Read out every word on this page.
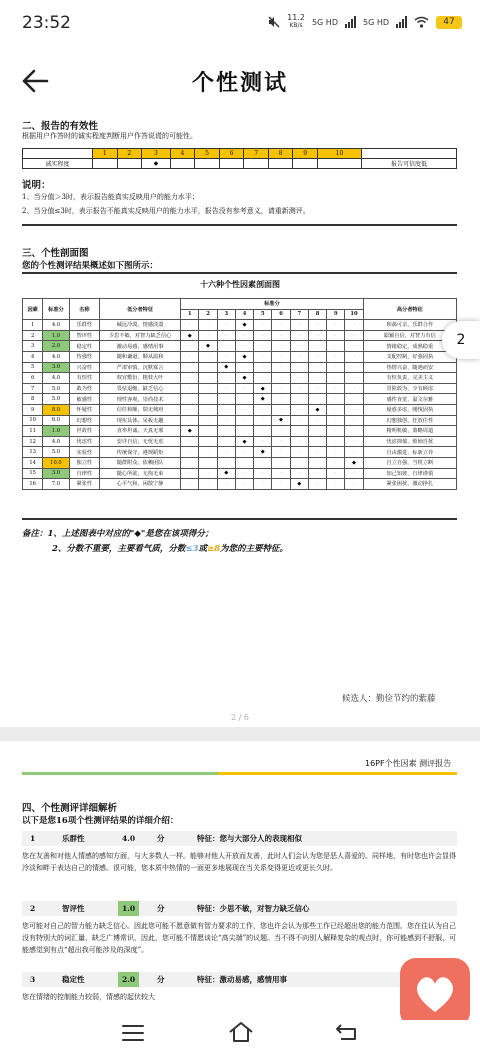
23:52	11.2
KB/s 5G HD	5G HD	47
个性测试
二、报告的有效性
根据用户作答时的诚实程度判断用户作答说谎的可能性。
	1	2	3	4	5	6	7	8	9	10	
诚实程度			◆								报告可信度低
说明：
1、当分值＞3时，表示报告能真实反映用户的能力水平；
2、当分值≤3时，表示报告不能真实反映用户的能力水平，报告没有参考意义，请重新测评。
三、个性剖面图
您的个性测评结果概述如下图所示：
十六种个性因素剖面图
因素	标准分	名称	低分者特征	标准分										高分者特征
				1	2	3	4	5	6	7	8	9	10	
1	4.0	乐群性	缄远冷漠，情感淡漠	·	·	·	◆	·	·	·	·	·	·	和蔼可亲，乐群合作
2	1.0	智评性	少思不敏，对智力缺乏信心	◆	·	·	·	·	·	·	·	·	·	聪颖自信，对智力有信
3	2.0	稳定性	激动易感，感情用事	·	◆	·	·	·	·	·	·	·	·	情绪稳定，成熟稳重
4	4.0	恃强性	随和谦逊，顺从温和	·	·	·	◆	·	·	·	·	·	·	支配控制，好强固执
5	3.0	兴奋性	严肃审慎，沉默寡言	·	·	◆	·	·	·	·	·	·	·	热情兴奋，随遇而安
6	4.0	有恒性	权宜敷衍，粗枝大叶	·	·	·	◆	·	·	·	·	·	·	有恒负责，完美主义
7	5.0	敢为性	畏怯退缩，缺乏信心	·	·	·	·	◆	·	·	·	·	·	冒险敢为，少有顾虑
8	5.0	敏感性	理性客观，崇尚技术	·	·	·	·	◆	·	·	·	·	·	感性直觉，温文尔雅
9	8.0	怀疑性	信任和顺，瑞无城府	·	·	·	·	·	·	·	◆	·	·	疑惑多虑，刚愎固执
10	6.0	幻想性	现实具体，呆板无趣	·	·	·	·	·	◆	·	·	·	·	幻想独创，狂放任性
11	1.0	世故性	直率坦诚，天真无邪	◆	·	·	·	·	·	·	·	·	·	精明机敏，策略周道
12	4.0	忧虑性	安详自信，无忧无虑	·	·	·	◆	·	·	·	·	·	·	忧虑抑郁，烦恼自扰
13	5.0	实验性	传统保守，遵规蹈矩	·	·	·	·	◆	·	·	·	·	·	自由激进，标新立异
14	10.0	独立性	随群附众，依赖团队	·	·	·	·	·	·	·	·	·	◆	自立自强，当机立断
15	3.0	自律性	随心所欲，无拘无束	·	·	◆	·	·	·	·	·	·	·	知己知彼，自律谨慎
16	7.0	紧张性	心平气和，闲散宁静	·	·	·	·	·	·	◆	·	·	·	紧张困扰，激动挣扎
备注：1、上述图表中对应的"◆"是您在该项得分；
2、分数不重要，主要看气质，分数≤3或≥8为您的主要特征。
候选人：勤俭节约的紫藤
2 / 6
16PF个性因素 测评报告
四、个性测评详细解析
以下是您16项个性测评结果的详细介绍：
1	乐群性	4.0	分	特征：您与大部分人的表现相似
您在友善和对他人情感的感知方面，与大多数人一样。能够对他人开放而友善，此时人们会认为您是恶人喜爱的。同样地，有时您也许会显得冷淡和畔于表达自己的情感。很可能，您本质中热情的一面更多地展现在当关系变得更近或更长久时。
2	智评性	1.0	分	特征：少思不敏，对智力缺乏信心
您可能对自己的智力能力缺乏信心。因此您可能不愿意做有智力要求的工作，您也许会认为那些工作已经超出您的能力范围。您在往认为自己没有特别大的词汇量，缺乏广博常识，因此，您可能不情愿谈论“高尖端”的议题。当不得不向别人解释复杂的观点时，你可能感到不舒服，可能感觉到有点“超出我可能涉及的深度”。
3	稳定性	2.0	分	特征：激动易感，感情用事
您在情绪的控制能力较弱，情感的起伏较大
2
